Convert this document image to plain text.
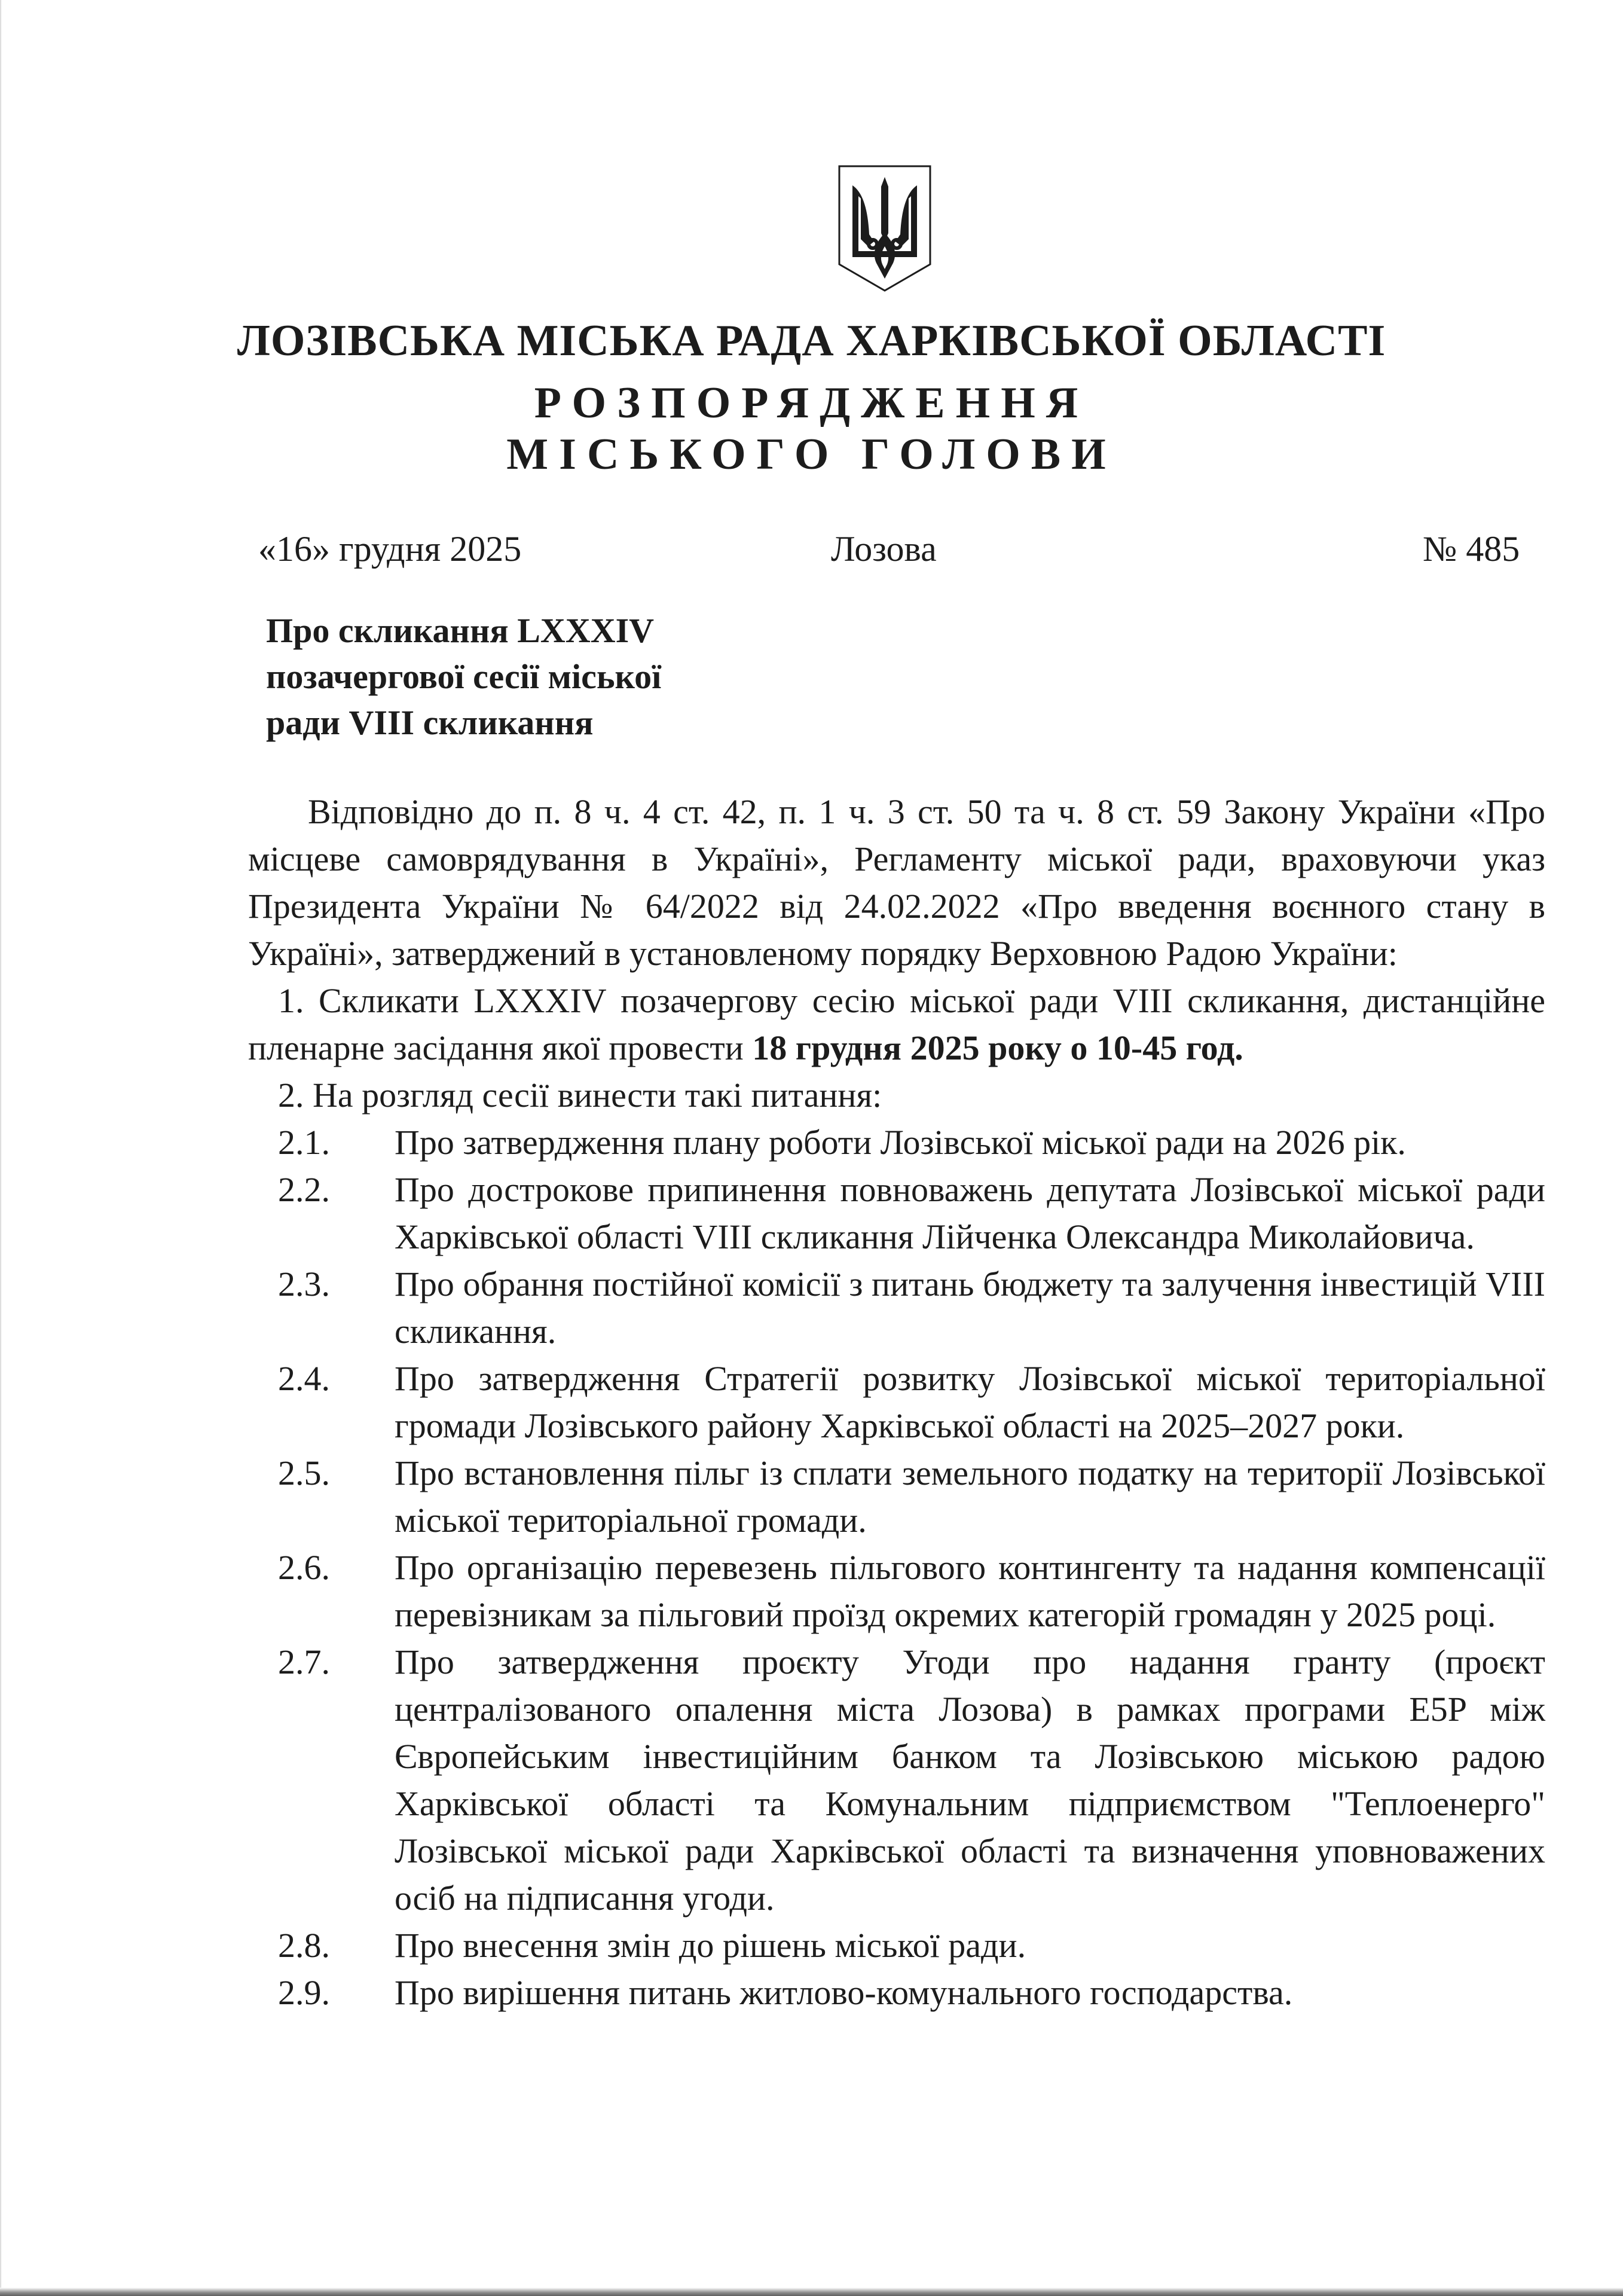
ЛОЗІВСЬКА МІСЬКА РАДА ХАРКІВСЬКОЇ ОБЛАСТІ
РОЗПОРЯДЖЕННЯ
МІСЬКОГО ГОЛОВИ
«16» грудня 2025	Лозова	№ 485
Про скликання LXXXIV
позачергової сесії міської
ради VIII скликання

Відповідно до п. 8 ч. 4 ст. 42, п. 1 ч. 3 ст. 50 та ч. 8 ст. 59 Закону України «Про місцеве самоврядування в Україні», Регламенту міської ради, враховуючи указ Президента України № 64/2022 від 24.02.2022 «Про введення воєнного стану в Україні», затверджений в установленому порядку Верховною Радою України:

1. Скликати LXXXIV позачергову сесію міської ради VIII скликання, дистанційне пленарне засідання якої провести 18 грудня 2025 року о 10-45 год.

2. На розгляд сесії винести такі питання:

2.1.	Про затвердження плану роботи Лозівської міської ради на 2026 рік.
2.2.	Про дострокове припинення повноважень депутата Лозівської міської ради Харківської області VIII скликання Лійченка Олександра Миколайовича.
2.3.	Про обрання постійної комісії з питань бюджету та залучення інвестицій VIII скликання.
2.4.	Про затвердження Стратегії розвитку Лозівської міської територіальної громади Лозівського району Харківської області на 2025–2027 роки.
2.5.	Про встановлення пільг із сплати земельного податку на території Лозівської міської територіальної громади.
2.6.	Про організацію перевезень пільгового контингенту та надання компенсації перевізникам за пільговий проїзд окремих категорій громадян у 2025 році.
2.7.	Про затвердження проєкту Угоди про надання гранту (проєкт централізованого опалення міста Лозова) в рамках програми E5P між Європейським інвестиційним банком та Лозівською міською радою Харківської області та Комунальним підприємством "Теплоенерго" Лозівської міської ради Харківської області та визначення уповноважених осіб на підписання угоди.
2.8.	Про внесення змін до рішень міської ради.
2.9.	Про вирішення питань житлово-комунального господарства.
